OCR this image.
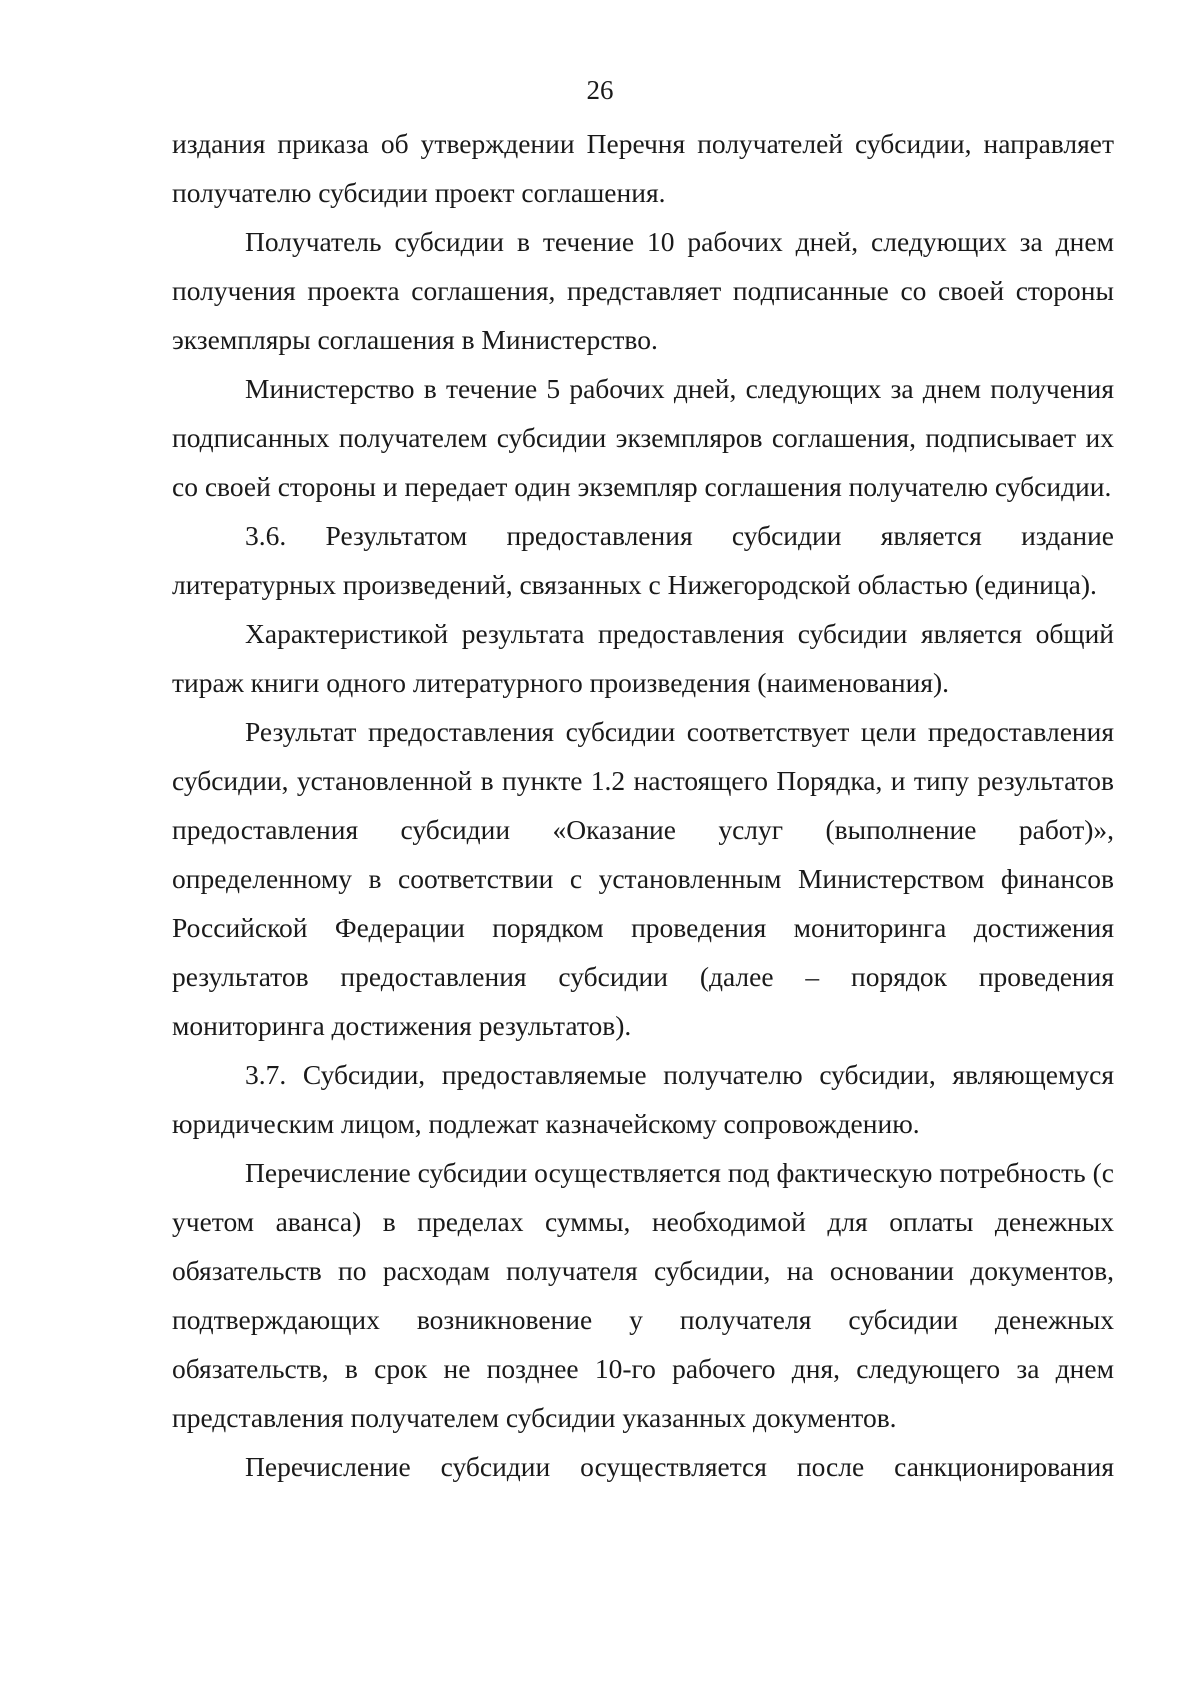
26

издания приказа об утверждении Перечня получателей субсидии, направляет получателю субсидии проект соглашения.

Получатель субсидии в течение 10 рабочих дней, следующих за днем получения проекта соглашения, представляет подписанные со своей стороны экземпляры соглашения в Министерство.

Министерство в течение 5 рабочих дней, следующих за днем получения подписанных получателем субсидии экземпляров соглашения, подписывает их со своей стороны и передает один экземпляр соглашения получателю субсидии.

3.6. Результатом предоставления субсидии является издание литературных произведений, связанных с Нижегородской областью (единица).

Характеристикой результата предоставления субсидии является общий тираж книги одного литературного произведения (наименования).

Результат предоставления субсидии соответствует цели предоставления субсидии, установленной в пункте 1.2 настоящего Порядка, и типу результатов предоставления субсидии «Оказание услуг (выполнение работ)», определенному в соответствии с установленным Министерством финансов Российской Федерации порядком проведения мониторинга достижения результатов предоставления субсидии (далее – порядок проведения мониторинга достижения результатов).

3.7. Субсидии, предоставляемые получателю субсидии, являющемуся юридическим лицом, подлежат казначейскому сопровождению.

Перечисление субсидии осуществляется под фактическую потребность (с учетом аванса) в пределах суммы, необходимой для оплаты денежных обязательств по расходам получателя субсидии, на основании документов, подтверждающих возникновение у получателя субсидии денежных обязательств, в срок не позднее 10-го рабочего дня, следующего за днем представления получателем субсидии указанных документов.

Перечисление субсидии осуществляется после санкционирования
